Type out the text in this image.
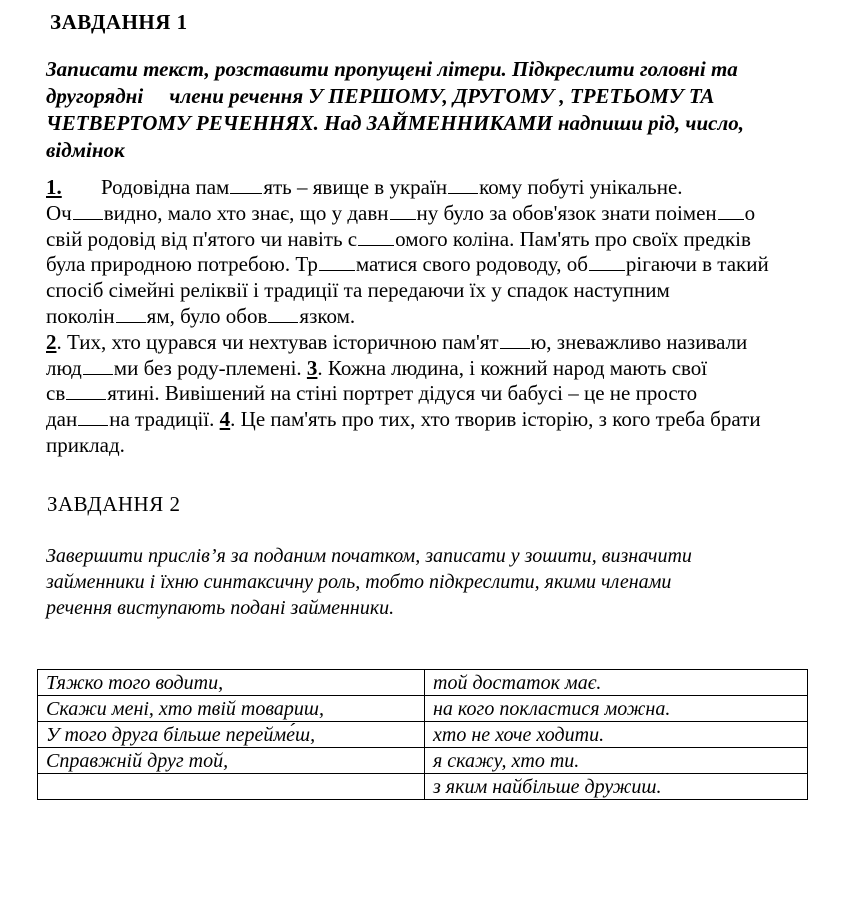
ЗАВДАННЯ 1
Записати текст, розставити пропущені літери. Підкреслити головні та
другорядні     члени речення У ПЕРШОМУ, ДРУГОМУ , ТРЕТЬОМУ ТА
ЧЕТВЕРТОМУ РЕЧЕННЯХ. Над ЗАЙМЕННИКАМИ надпиши рід, число,
відмінок
1. Родовідна пам ять – явище в україн кому побуті унікальне.
Оч видно, мало хто знає, що у давн ну було за обов'язок знати поімен о
свій родовід від п'ятого чи навіть с омого коліна. Пам'ять про своїх предків
була природною потребою. Тр матися свого родоводу, об рігаючи в такий
спосіб сімейні реліквії і традиції та передаючи їх у спадок наступним
поколін ям, було обов язком.
2. Тих, хто цурався чи нехтував історичною пам'ят ю, зневажливо називали
люд ми без роду-племені. 3. Кожна людина, і кожний народ мають свої
св ятині. Вивішений на стіні портрет дідуся чи бабусі – це не просто
дан на традиції. 4. Це пам'ять про тих, хто творив історію, з кого треба брати
приклад.
ЗАВДАННЯ 2
Завершити прислів’я за поданим початком, записати у зошити, визначити
займенники і їхню синтаксичну роль, тобто підкреслити, якими членами
речення виступають подані займенники.
Тяжко того водити,	той достаток має.
Скажи мені, хто твій товариш,	на кого покластися можна.
У того друга більше перейме́ш,	хто не хоче ходити.
Справжній друг той,	я скажу, хто ти.
	з яким найбільше дружиш.
